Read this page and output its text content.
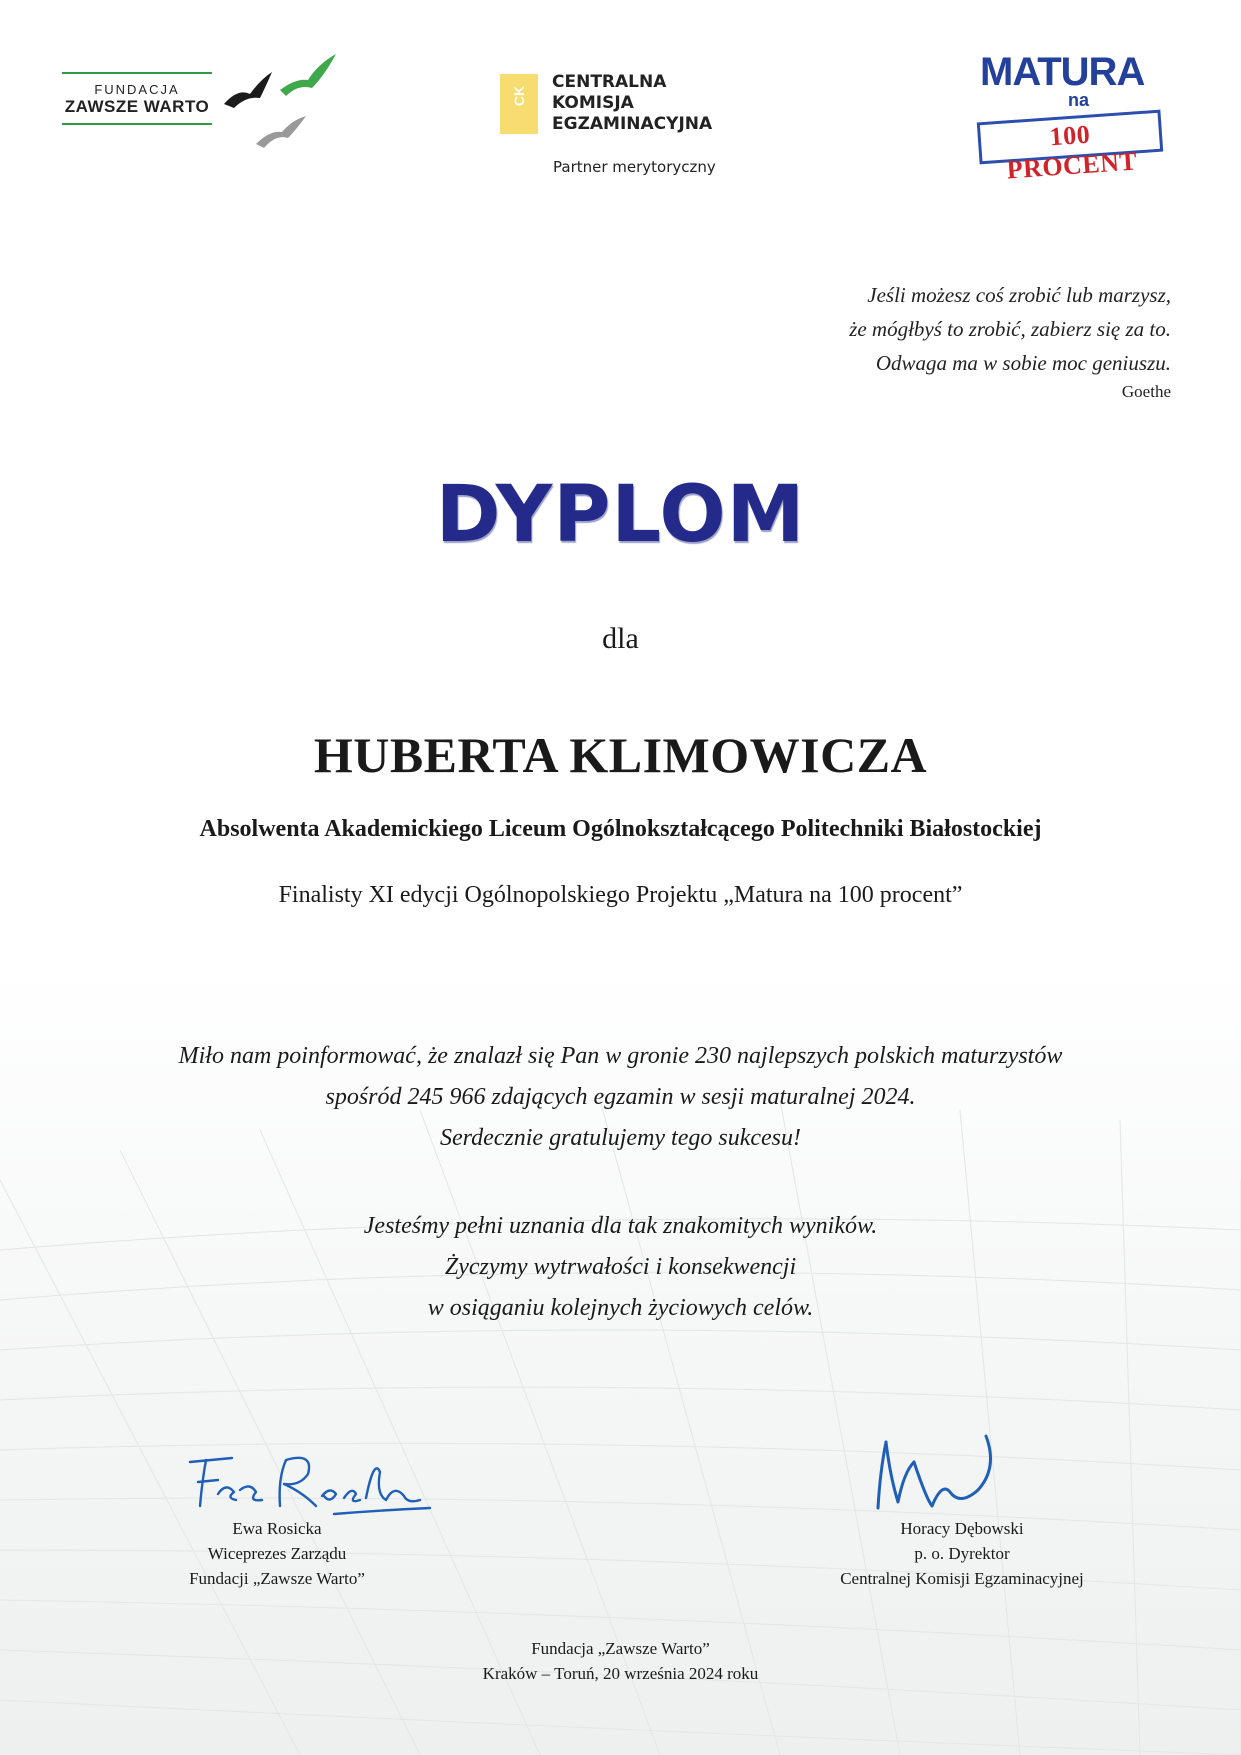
FUNDACJA
ZAWSZE WARTO
CK
CENTRALNA
KOMISJA
EGZAMINACYJNA
Partner merytoryczny
MATURA
na
100 PROCENT
Jeśli możesz coś zrobić lub marzysz,
że mógłbyś to zrobić, zabierz się za to.
Odwaga ma w sobie moc geniuszu.
Goethe
DYPLOM
dla
HUBERTA KLIMOWICZA
Absolwenta Akademickiego Liceum Ogólnokształcącego Politechniki Białostockiej
Finalisty XI edycji Ogólnopolskiego Projektu „Matura na 100 procent”

Miło nam poinformować, że znalazł się Pan w gronie 230 najlepszych polskich maturzystów

spośród 245 966 zdających egzamin w sesji maturalnej 2024.

Serdecznie gratulujemy tego sukcesu!

Jesteśmy pełni uznania dla tak znakomitych wyników.

Życzymy wytrwałości i konsekwencji

w osiąganiu kolejnych życiowych celów.

Ewa Rosicka
Wiceprezes Zarządu
Fundacji „Zawsze Warto”
Horacy Dębowski
p. o. Dyrektor
Centralnej Komisji Egzaminacyjnej
Fundacja „Zawsze Warto”
Kraków – Toruń, 20 września 2024 roku
